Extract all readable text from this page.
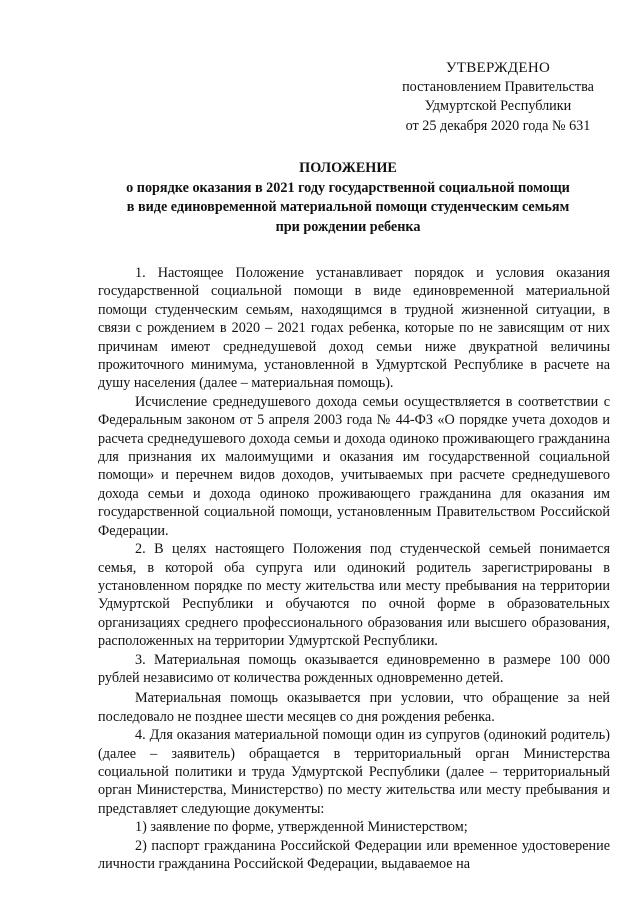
УТВЕРЖДЕНО
постановлением Правительства
Удмуртской Республики
от 25 декабря 2020 года № 631
ПОЛОЖЕНИЕ
о порядке оказания в 2021 году государственной социальной помощи
в виде единовременной материальной помощи студенческим семьям
при рождении ребенка

1. Настоящее Положение устанавливает порядок и условия оказания государственной социальной помощи в виде единовременной материальной помощи студенческим семьям, находящимся в трудной жизненной ситуации, в связи с рождением в 2020 – 2021 годах ребенка, которые по не зависящим от них причинам имеют среднедушевой доход семьи ниже двукратной величины прожиточного минимума, установленной в Удмуртской Республике в расчете на душу населения (далее – материальная помощь).

Исчисление среднедушевого дохода семьи осуществляется в соответствии с Федеральным законом от 5 апреля 2003 года № 44-ФЗ «О порядке учета доходов и расчета среднедушевого дохода семьи и дохода одиноко проживающего гражданина для признания их малоимущими и оказания им государственной социальной помощи» и перечнем видов доходов, учитываемых при расчете среднедушевого дохода семьи и дохода одиноко проживающего гражданина для оказания им государственной социальной помощи, установленным Правительством Российской Федерации.

2. В целях настоящего Положения под студенческой семьей понимается семья, в которой оба супруга или одинокий родитель зарегистрированы в установленном порядке по месту жительства или месту пребывания на территории Удмуртской Республики и обучаются по очной форме в образовательных организациях среднего профессионального образования или высшего образования, расположенных на территории Удмуртской Республики.

3. Материальная помощь оказывается единовременно в размере 100 000 рублей независимо от количества рожденных одновременно детей.

Материальная помощь оказывается при условии, что обращение за ней последовало не позднее шести месяцев со дня рождения ребенка.

4. Для оказания материальной помощи один из супругов (одинокий родитель) (далее – заявитель) обращается в территориальный орган Министерства социальной политики и труда Удмуртской Республики (далее – территориальный орган Министерства, Министерство) по месту жительства или месту пребывания и представляет следующие документы:

1) заявление по форме, утвержденной Министерством;

2) паспорт гражданина Российской Федерации или временное удостоверение личности гражданина Российской Федерации, выдаваемое на
